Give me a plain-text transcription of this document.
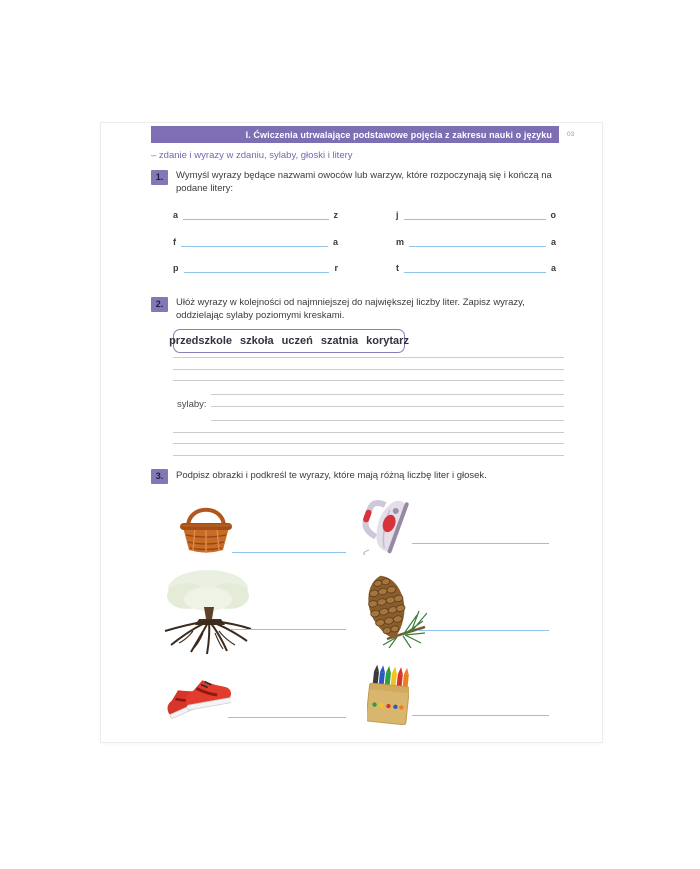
I. Ćwiczenia utrwalające podstawowe pojęcia z zakresu nauki o języku 03
– zdanie i wyrazy w zdaniu, sylaby, głoski i litery
1.	Wymyśl wyrazy będące nazwami owoców lub warzyw, które rozpoczynają się i kończą na podane litery:
a	z	j	o
f	a	m	a
p	r	t	a
2.	Ułóż wyrazy w kolejności od najmniejszej do największej liczby liter. Zapisz wyrazy, oddzielając sylaby poziomymi kreskami.
przedszkole szkoła uczeń szatnia korytarz
sylaby:
3.	Podpisz obrazki i podkreśl te wyrazy, które mają różną liczbę liter i głosek.
